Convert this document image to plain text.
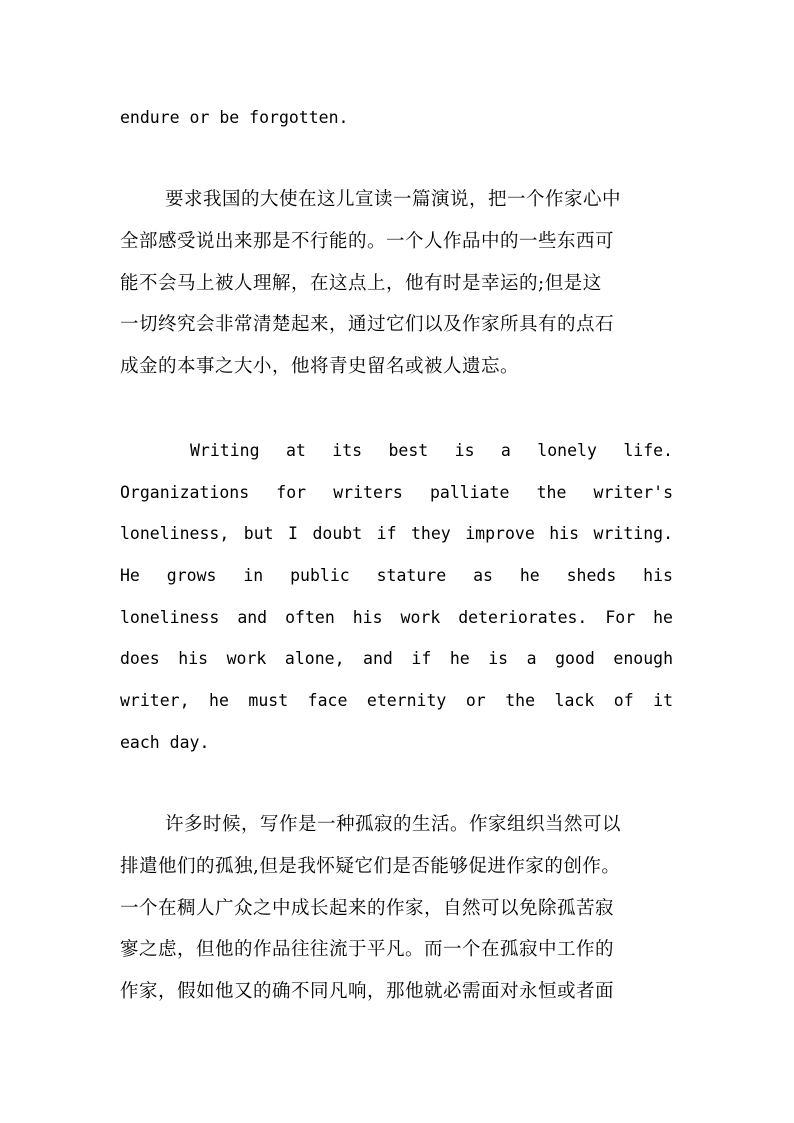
endure or be forgotten.
要求我国的大使在这儿宣读一篇演说，把一个作家心中
全部感受说出来那是不行能的。一个人作品中的一些东西可
能不会马上被人理解，在这点上，他有时是幸运的;但是这
一切终究会非常清楚起来，通过它们以及作家所具有的点石
成金的本事之大小，他将青史留名或被人遗忘。
Writing at its best is a lonely life.
Organizations for writers palliate the writer's
loneliness, but I doubt if they improve his writing.
He grows in public stature as he sheds his
loneliness and often his work deteriorates. For he
does his work alone, and if he is a good enough
writer, he must face eternity or the lack of it
each day.
许多时候，写作是一种孤寂的生活。作家组织当然可以
排遣他们的孤独,但是我怀疑它们是否能够促进作家的创作。
一个在稠人广众之中成长起来的作家，自然可以免除孤苦寂
寥之虑，但他的作品往往流于平凡。而一个在孤寂中工作的
作家，假如他又的确不同凡响，那他就必需面对永恒或者面
